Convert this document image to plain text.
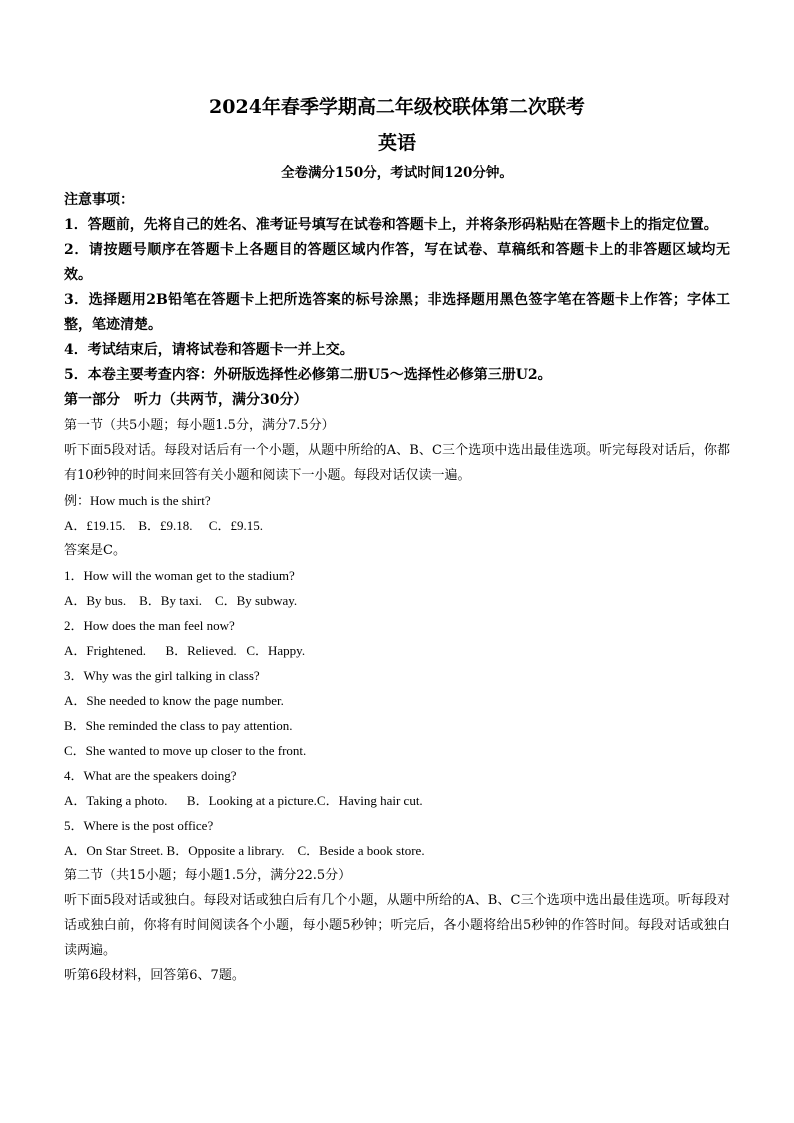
2024年春季学期高二年级校联体第二次联考
英语
全卷满分150分，考试时间120分钟。

注意事项：

1．答题前，先将自己的姓名、准考证号填写在试卷和答题卡上，并将条形码粘贴在答题卡上的指定位置。

2．请按题号顺序在答题卡上各题目的答题区域内作答，写在试卷、草稿纸和答题卡上的非答题区域均无效。

3．选择题用2B铅笔在答题卡上把所选答案的标号涂黑；非选择题用黑色签字笔在答题卡上作答；字体工整，笔迹清楚。

4．考试结束后，请将试卷和答题卡一并上交。

5．本卷主要考查内容：外研版选择性必修第二册U5～选择性必修第三册U2。

第一部分　听力（共两节，满分30分）

第一节（共5小题；每小题1.5分，满分7.5分）

听下面5段对话。每段对话后有一个小题，从题中所给的A、B、C三个选项中选出最佳选项。听完每段对话后，你都有10秒钟的时间来回答有关小题和阅读下一小题。每段对话仅读一遍。

例：How much is the shirt?

A．£19.15.    B．£9.18.     C．£9.15.

答案是C。

1．How will the woman get to the stadium?

A．By bus.    B．By taxi.    C．By subway.

2．How does the man feel now?

A．Frightened.      B．Relieved.   C．Happy.

3．Why was the girl talking in class?

A．She needed to know the page number.

B．She reminded the class to pay attention.

C．She wanted to move up closer to the front.

4．What are the speakers doing?

A．Taking a photo.      B．Looking at a picture.C．Having hair cut.

5．Where is the post office?

A．On Star Street. B．Opposite a library.    C．Beside a book store.

第二节（共15小题；每小题1.5分，满分22.5分）

听下面5段对话或独白。每段对话或独白后有几个小题，从题中所给的A、B、C三个选项中选出最佳选项。听每段对话或独白前，你将有时间阅读各个小题，每小题5秒钟；听完后，各小题将给出5秒钟的作答时间。每段对话或独白读两遍。

听第6段材料，回答第6、7题。
